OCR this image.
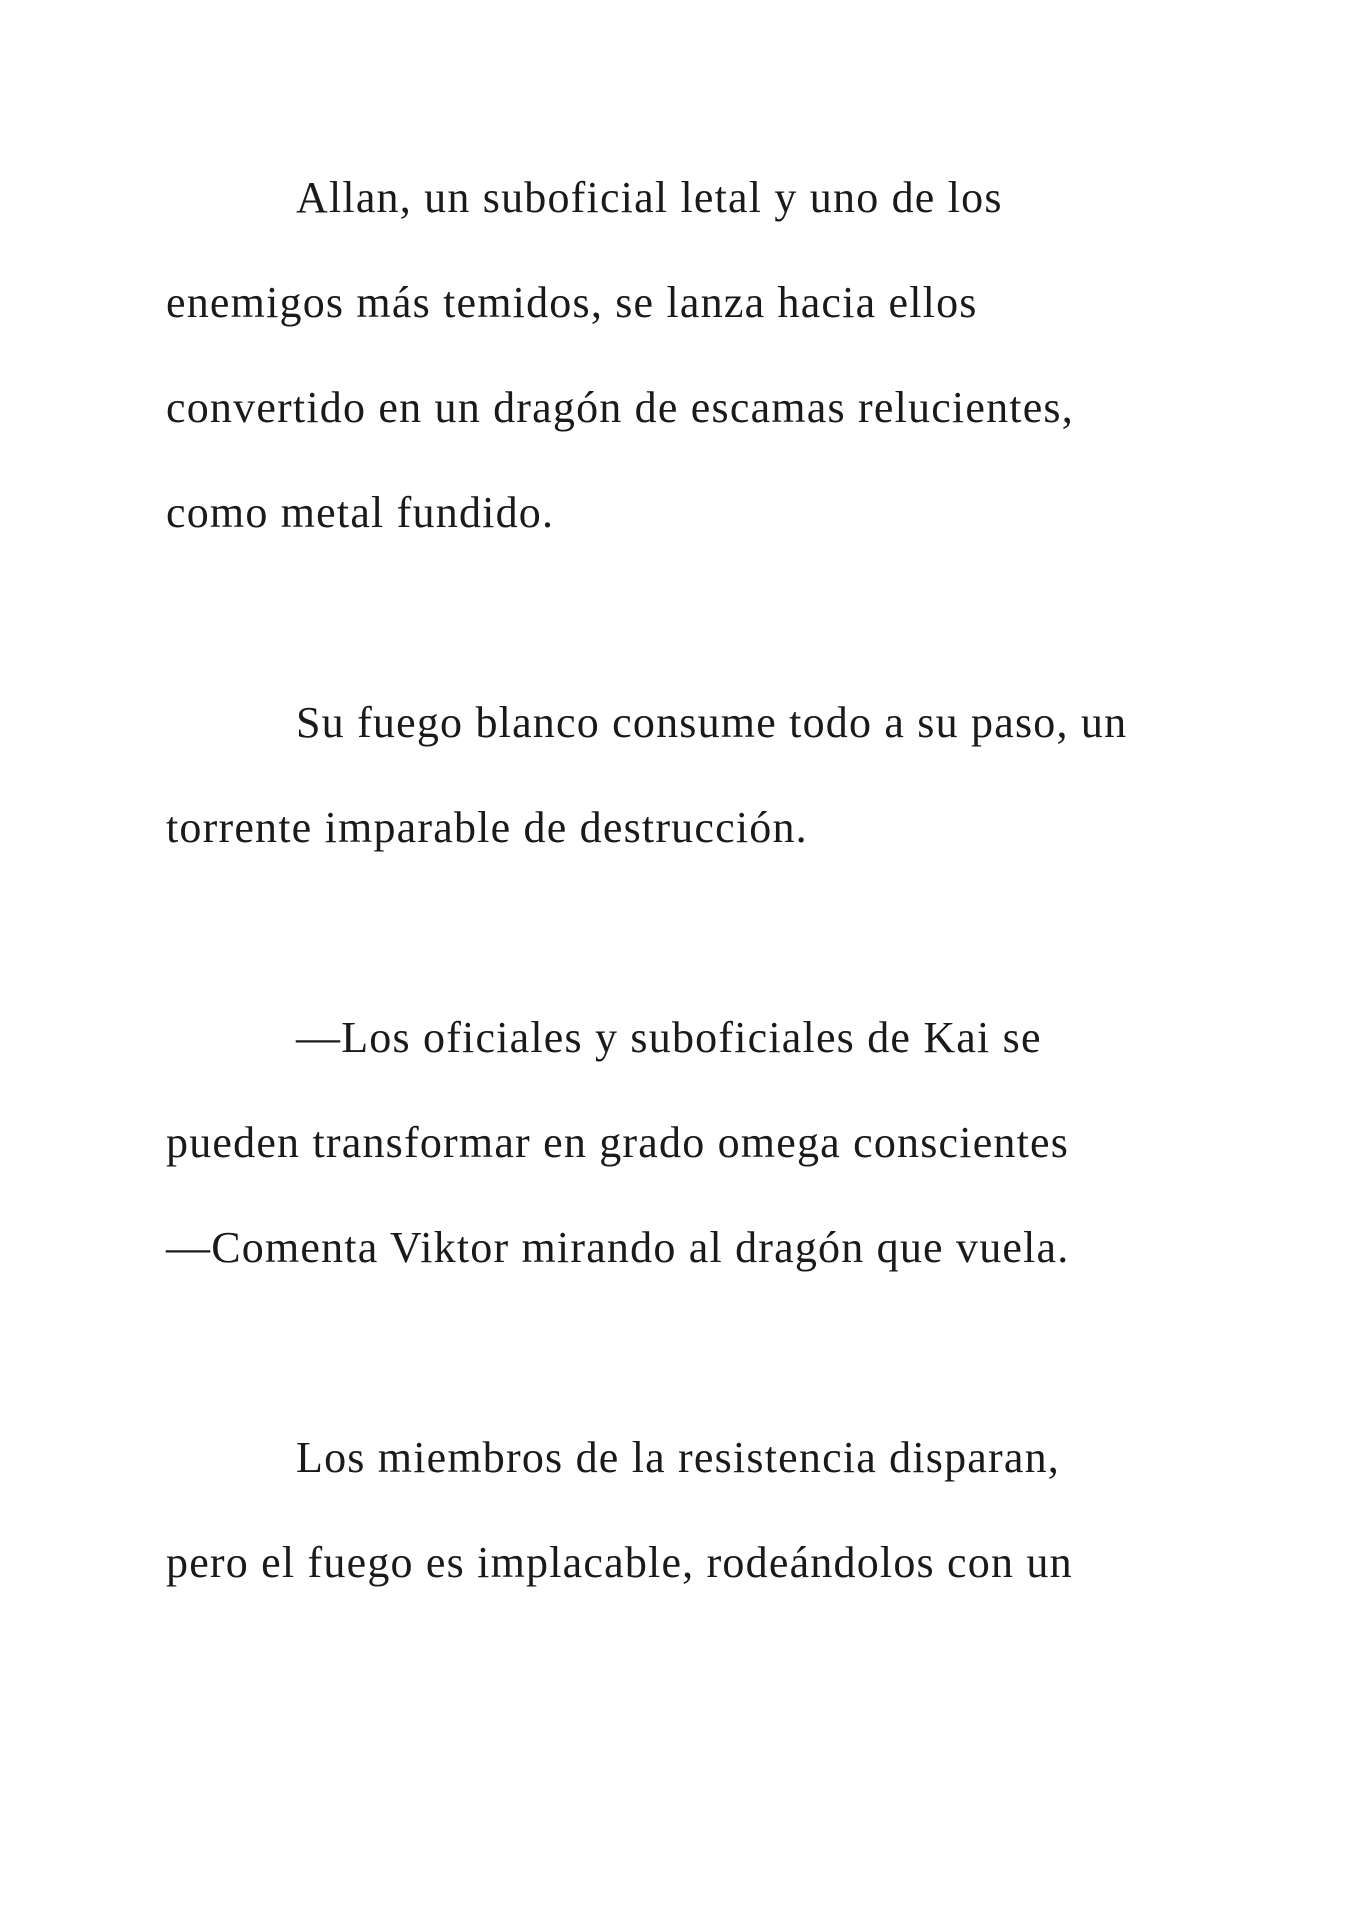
Allan, un suboficial letal y uno de los
enemigos más temidos, se lanza hacia ellos
convertido en un dragón de escamas relucientes,
como metal fundido.
Su fuego blanco consume todo a su paso, un
torrente imparable de destrucción.
—Los oficiales y suboficiales de Kai se
pueden transformar en grado omega conscientes
—Comenta Viktor mirando al dragón que vuela.
Los miembros de la resistencia disparan,
pero el fuego es implacable, rodeándolos con un
